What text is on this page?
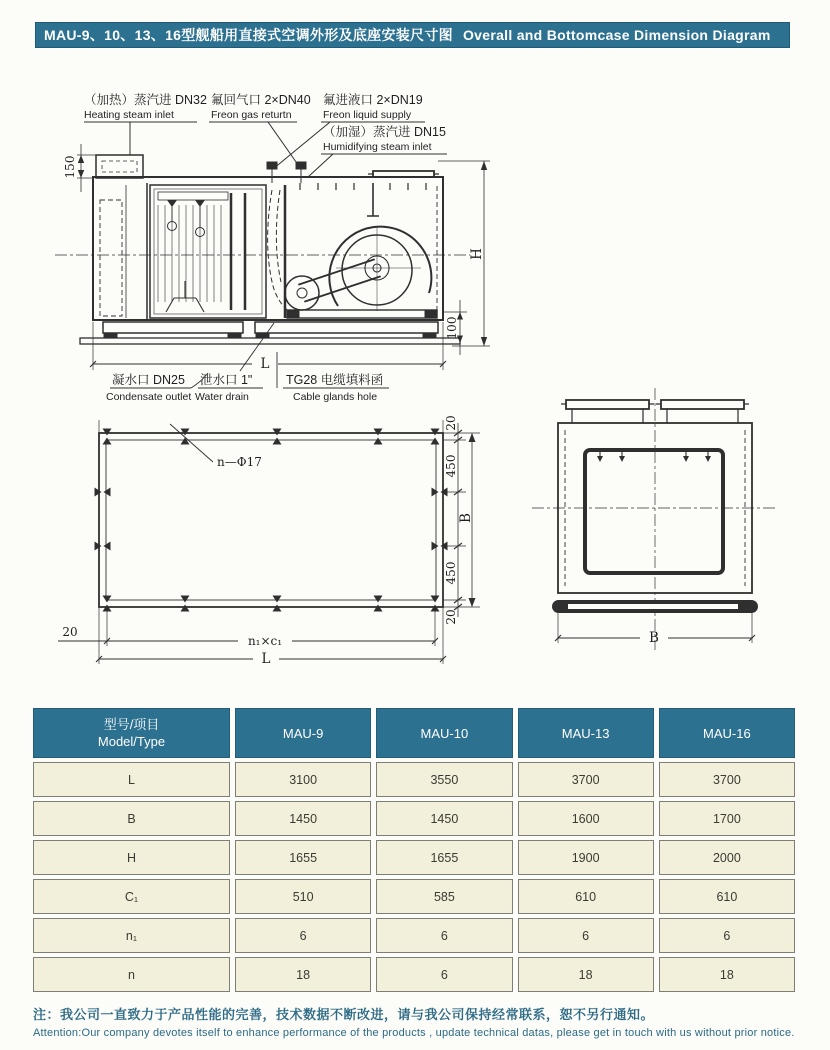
MAU-9、10、13、16型舰船用直接式空调外形及底座安装尺寸图 Overall and Bottomcase Dimension Diagram
（加热）蒸汽进 DN32
Heating steam inlet
氟回气口 2×DN40
Freon gas returtn
氟进液口 2×DN19
Freon liquid supply
（加湿）蒸汽进 DN15
Humidifying steam inlet
150
H
100
L
凝水口 DN25
Condensate outlet
泄水口 1"
Water drain
TG28 电缆填料函
Cable glands hole
n—Φ17
20
450
450
20
B
20
n₁×c₁
L
B
型号/项目
Model/Type
MAU-9	MAU-10	MAU-13	MAU-16
L	3100	3550	3700	3700
B	1450	1450	1600	1700
H	1655	1655	1900	2000
C₁	510	585	610	610
n₁	6	6	6	6
n	18	6	18	18
注：我公司一直致力于产品性能的完善，技术数据不断改进，请与我公司保持经常联系，恕不另行通知。
Attention:Our company devotes itself to enhance performance of the products , update technical datas, please get in touch with us without prior notice.
